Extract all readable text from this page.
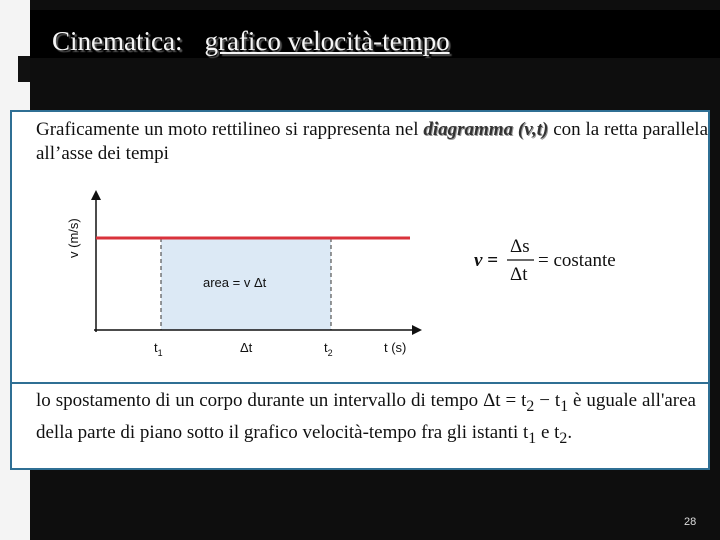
Cinematica: grafico velocità-tempo
Graficamente un moto rettilineo si rappresenta nel diagramma (v,t) con la retta parallela all’asse dei tempi
v (m/s)
area = v Δt
$t_1$	Δt	$t_2$	t (s)
v =
Δs
Δt
= costante
lo spostamento di un corpo durante un intervallo di tempo $\Delta t = t_2 - t_1$ è uguale all'area della parte di piano sotto il grafico velocità-tempo fra gli istanti $t_1$ e $t_2$.
28
